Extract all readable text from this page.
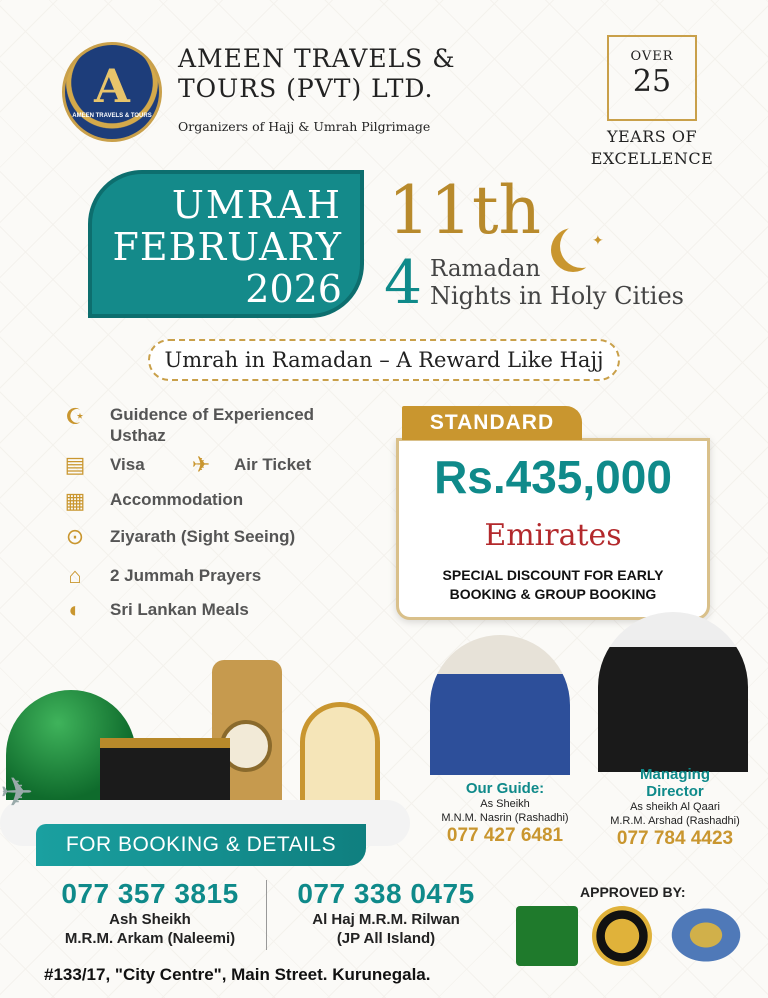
A
AMEEN TRAVELS & TOURS
AMEEN TRAVELS &
TOURS (PVT) LTD.
Organizers of Hajj & Umrah Pilgrimage
OVER
25
YEARS OF
EXCELLENCE
UMRAH
FEBRUARY
2026
11th	✦
4 Ramadan
Nights in Holy Cities
Umrah in Ramadan – A Reward Like Hajj
☪ Guidence of Experienced
Usthaz
▤ Visa	✈	Air Ticket
▦ Accommodation
⊙ Ziyarath (Sight Seeing)
⌂	2 Jummah Prayers
◐	Sri Lankan Meals
STANDARD
Rs.435,000
Emirates
SPECIAL DISCOUNT FOR EARLY
BOOKING & GROUP BOOKING
✈
FOR BOOKING & DETAILS
Our Guide:
As Sheikh
M.N.M. Nasrin (Rashadhi)
077 427 6481
Managing
Director
As sheikh Al Qaari
M.R.M. Arshad (Rashadhi)
077 784 4423
077 357 3815
Ash Sheikh
M.R.M. Arkam (Naleemi)
077 338 0475
Al Haj M.R.M. Rilwan
(JP All Island)
APPROVED BY:
#133/17, "City Centre", Main Street. Kurunegala.
